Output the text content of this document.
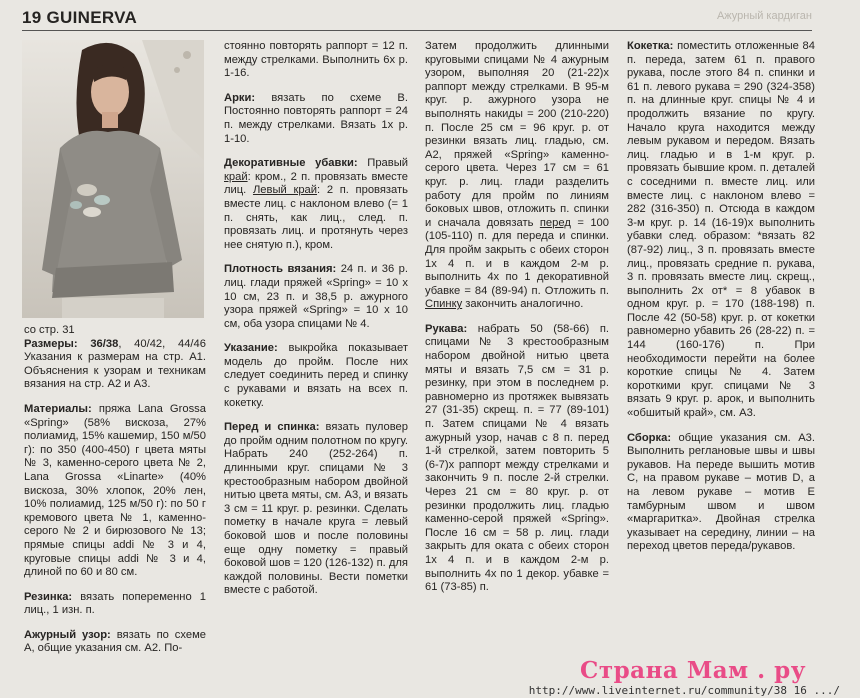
19 GUINERVA	Ажурный кардиган

со стр. 31

Размеры: 36/38, 40/42, 44/46 Указания к размерам на стр. А1. Объяснения к узорам и техникам вязания на стр. А2 и А3.

Материалы: пряжа Lana Grossa «Spring» (58% вискоза, 27% полиамид, 15% кашемир, 150 м/50 г): по 350 (400-450) г цвета мяты № 3, каменно-серого цвета № 2, Lana Grossa «Linarte» (40% вискоза, 30% хлопок, 20% лен, 10% полиамид, 125 м/50 г): по 50 г кремового цвета № 1, каменно-серого № 2 и бирюзового № 13; прямые спицы addi № 3 и 4, круговые спицы addi № 3 и 4, длиной по 60 и 80 см.

Резинка: вязать попеременно 1 лиц., 1 изн. п.

Ажурный узор: вязать по схеме А, общие указания см. А2. По-

стоянно повторять раппорт = 12 п. между стрелками. Выполнить 6х р. 1-16.

Арки: вязать по схеме В. Постоянно повторять раппорт = 24 п. между стрелками. Вязать 1х р. 1-10.

Декоративные убавки: Правый край: кром., 2 п. провязать вместе лиц. Левый край: 2 п. провязать вместе лиц. с наклоном влево (= 1 п. снять, как лиц., след. п. провязать лиц. и протянуть через нее снятую п.), кром.

Плотность вязания: 24 п. и 36 р. лиц. глади пряжей «Spring» = 10 х 10 см, 23 п. и 38,5 р. ажурного узора пряжей «Spring» = 10 х 10 см, оба узора спицами № 4.

Указание: выкройка показывает модель до пройм. После них следует соединить перед и спинку с рукавами и вязать на всех п. кокетку.

Перед и спинка: вязать пуловер до пройм одним полотном по кругу. Набрать 240 (252-264) п. длинными круг. спицами № 3 крестообразным набором двойной нитью цвета мяты, см. А3, и вязать 3 см = 11 круг. р. резинки. Сделать пометку в начале круга = левый боковой шов и после половины еще одну пометку = правый боковой шов = 120 (126-132) п. для каждой половины. Вести пометки вместе с работой.

Затем продолжить длинными круговыми спицами № 4 ажурным узором, выполняя 20 (21-22)х раппорт между стрелками. В 95-м круг. р. ажурного узора не выполнять накиды = 200 (210-220) п. После 25 см = 96 круг. р. от резинки вязать лиц. гладью, см. А2, пряжей «Spring» каменно-серого цвета. Через 17 см = 61 круг. р. лиц. глади разделить работу для пройм по линиям боковых швов, отложить п. спинки и сначала довязать перед = 100 (105-110) п. для переда и спинки. Для пройм закрыть с обеих сторон 1х 4 п. и в каждом 2-м р. выполнить 4х по 1 декоративной убавке = 84 (89-94) п. Отложить п. Спинку закончить аналогично.

Рукава: набрать 50 (58-66) п. спицами № 3 крестообразным набором двойной нитью цвета мяты и вязать 7,5 см = 31 р. резинку, при этом в последнем р. равномерно из протяжек вывязать 27 (31-35) скрещ. п. = 77 (89-101) п. Затем спицами № 4 вязать ажурный узор, начав с 8 п. перед 1-й стрелкой, затем повторить 5 (6-7)х раппорт между стрелками и закончить 9 п. после 2-й стрелки. Через 21 см = 80 круг. р. от резинки продолжить лиц. гладью каменно-серой пряжей «Spring». После 16 см = 58 р. лиц. глади закрыть для оката с обеих сторон 1х 4 п. и в каждом 2-м р. выполнить 4х по 1 декор. убавке = 61 (73-85) п.

Кокетка: поместить отложенные 84 п. переда, затем 61 п. правого рукава, после этого 84 п. спинки и 61 п. левого рукава = 290 (324-358) п. на длинные круг. спицы № 4 и продолжить вязание по кругу. Начало круга находится между левым рукавом и передом. Вязать лиц. гладью и в 1-м круг. р. провязать бывшие кром. п. деталей с соседними п. вместе лиц. или вместе лиц. с наклоном влево = 282 (316-350) п. Отсюда в каждом 3-м круг. р. 14 (16-19)х выполнить убавки след. образом: *вязать 82 (87-92) лиц., 3 п. провязать вместе лиц., провязать средние п. рукава, 3 п. провязать вместе лиц. скрещ., выполнить 2х от* = 8 убавок в одном круг. р. = 170 (188-198) п. После 42 (50-58) круг. р. от кокетки равномерно убавить 26 (28-22) п. = 144 (160-176) п. При необходимости перейти на более короткие спицы № 4. Затем короткими круг. спицами № 3 вязать 9 круг. р. арок, и выполнить «обшитый край», см. А3.

Сборка: общие указания см. А3. Выполнить реглановые швы и швы рукавов. На переде вышить мотив С, на правом рукаве – мотив D, а на левом рукаве – мотив Е тамбурным швом и швом «маргаритка». Двойная стрелка указывает на середину, линии – на переход цветов переда/рукавов.

Страна Мам . ру
http://www.liveinternet.ru/community/38 16 .../
